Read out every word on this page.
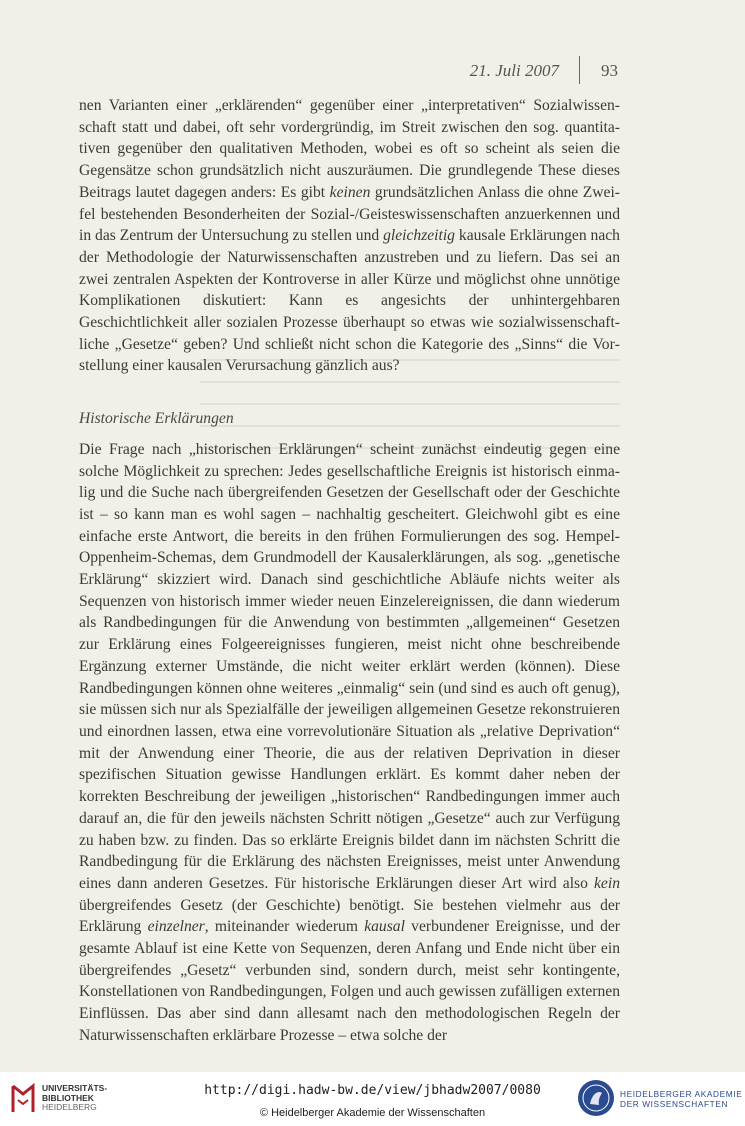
21. Juli 2007 93

nen Varianten einer „erklärenden“ gegenüber einer „interpretativen“ Sozialwissenschaft statt und dabei, oft sehr vordergründig, im Streit zwischen den sog. quantitativen gegenüber den qualitativen Methoden, wobei es oft so scheint als seien die Gegensätze schon grundsätzlich nicht auszuräumen. Die grundlegende These dieses Beitrags lautet dagegen anders: Es gibt keinen grundsätzlichen Anlass die ohne Zweifel bestehenden Besonderheiten der Sozial-/Geisteswissenschaften anzuerkennen und in das Zentrum der Untersuchung zu stellen und gleichzeitig kausale Erklärungen nach der Methodologie der Naturwissenschaften anzustreben und zu liefern. Das sei an zwei zentralen Aspekten der Kontroverse in aller Kürze und möglichst ohne unnötige Komplikationen diskutiert: Kann es angesichts der unhintergehbaren Geschichtlichkeit aller sozialen Prozesse überhaupt so etwas wie sozialwissenschaftliche „Gesetze“ geben? Und schließt nicht schon die Kategorie des „Sinns“ die Vorstellung einer kausalen Verursachung gänzlich aus?

Historische Erklärungen

Die Frage nach „historischen Erklärungen“ scheint zunächst eindeutig gegen eine solche Möglichkeit zu sprechen: Jedes gesellschaftliche Ereignis ist historisch einmalig und die Suche nach übergreifenden Gesetzen der Gesellschaft oder der Geschichte ist – so kann man es wohl sagen – nachhaltig gescheitert. Gleichwohl gibt es eine einfache erste Antwort, die bereits in den frühen Formulierungen des sog. Hempel-Oppenheim-Schemas, dem Grundmodell der Kausalerklärungen, als sog. „genetische Erklärung“ skizziert wird. Danach sind geschichtliche Abläufe nichts weiter als Sequenzen von historisch immer wieder neuen Einzelereignissen, die dann wiederum als Randbedingungen für die Anwendung von bestimmten „allgemeinen“ Gesetzen zur Erklärung eines Folgeereignisses fungieren, meist nicht ohne beschreibende Ergänzung externer Umstände, die nicht weiter erklärt werden (können). Diese Randbedingungen können ohne weiteres „einmalig“ sein (und sind es auch oft genug), sie müssen sich nur als Spezialfälle der jeweiligen allgemeinen Gesetze rekonstruieren und einordnen lassen, etwa eine vorrevolutionäre Situation als „relative Deprivation“ mit der Anwendung einer Theorie, die aus der relativen Deprivation in dieser spezifischen Situation gewisse Handlungen erklärt. Es kommt daher neben der korrekten Beschreibung der jeweiligen „historischen“ Randbedingungen immer auch darauf an, die für den jeweils nächsten Schritt nötigen „Gesetze“ auch zur Verfügung zu haben bzw. zu finden. Das so erklärte Ereignis bildet dann im nächsten Schritt die Randbedingung für die Erklärung des nächsten Ereignisses, meist unter Anwendung eines dann anderen Gesetzes. Für historische Erklärungen dieser Art wird also kein übergreifendes Gesetz (der Geschichte) benötigt. Sie bestehen vielmehr aus der Erklärung einzelner, miteinander wiederum kausal verbundener Ereignisse, und der gesamte Ablauf ist eine Kette von Sequenzen, deren Anfang und Ende nicht über ein übergreifendes „Gesetz“ verbunden sind, sondern durch, meist sehr kontingente, Konstellationen von Randbedingungen, Folgen und auch gewissen zufälligen externen Einflüssen. Das aber sind dann allesamt nach den methodologischen Regeln der Naturwissenschaften erklärbare Prozesse – etwa solche der

UNIVERSITÄTS-
BIBLIOTHEK
HEIDELBERG
http://digi.hadw-bw.de/view/jbhadw2007/0080
© Heidelberger Akademie der Wissenschaften
HEIDELBERGER AKADEMIE
DER WISSENSCHAFTEN
